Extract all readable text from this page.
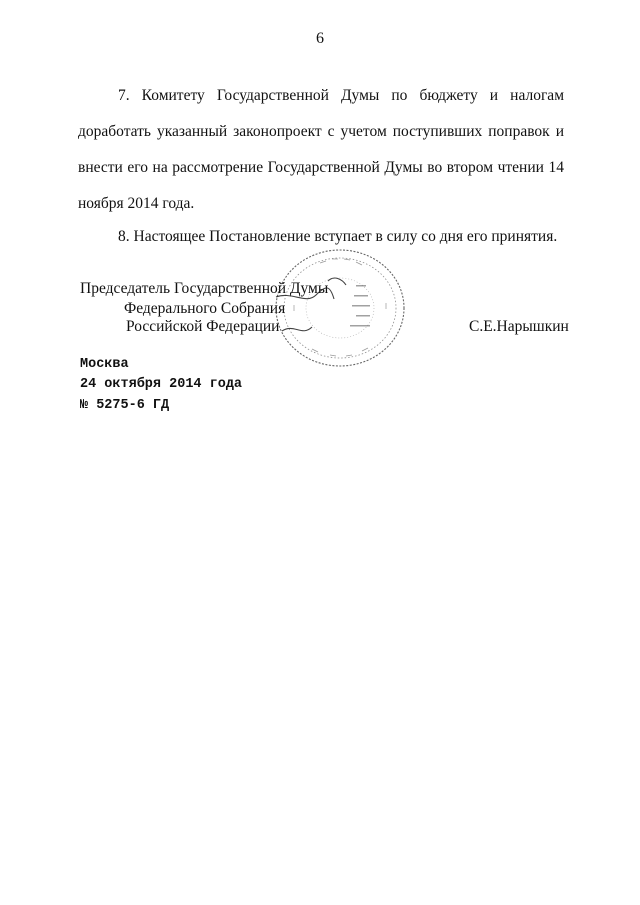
6

7. Комитету Государственной Думы по бюджету и налогам доработать указанный законопроект с учетом поступивших поправок и внести его на рассмотрение Государственной Думы во втором чтении 14 ноября 2014 года.

8. Настоящее Постановление вступает в силу со дня его принятия.

Председатель Государственной Думы
Федерального Собрания
Российской Федерации	С.Е.Нарышкин
Москва
24 октября 2014 года
№ 5275-6 ГД
